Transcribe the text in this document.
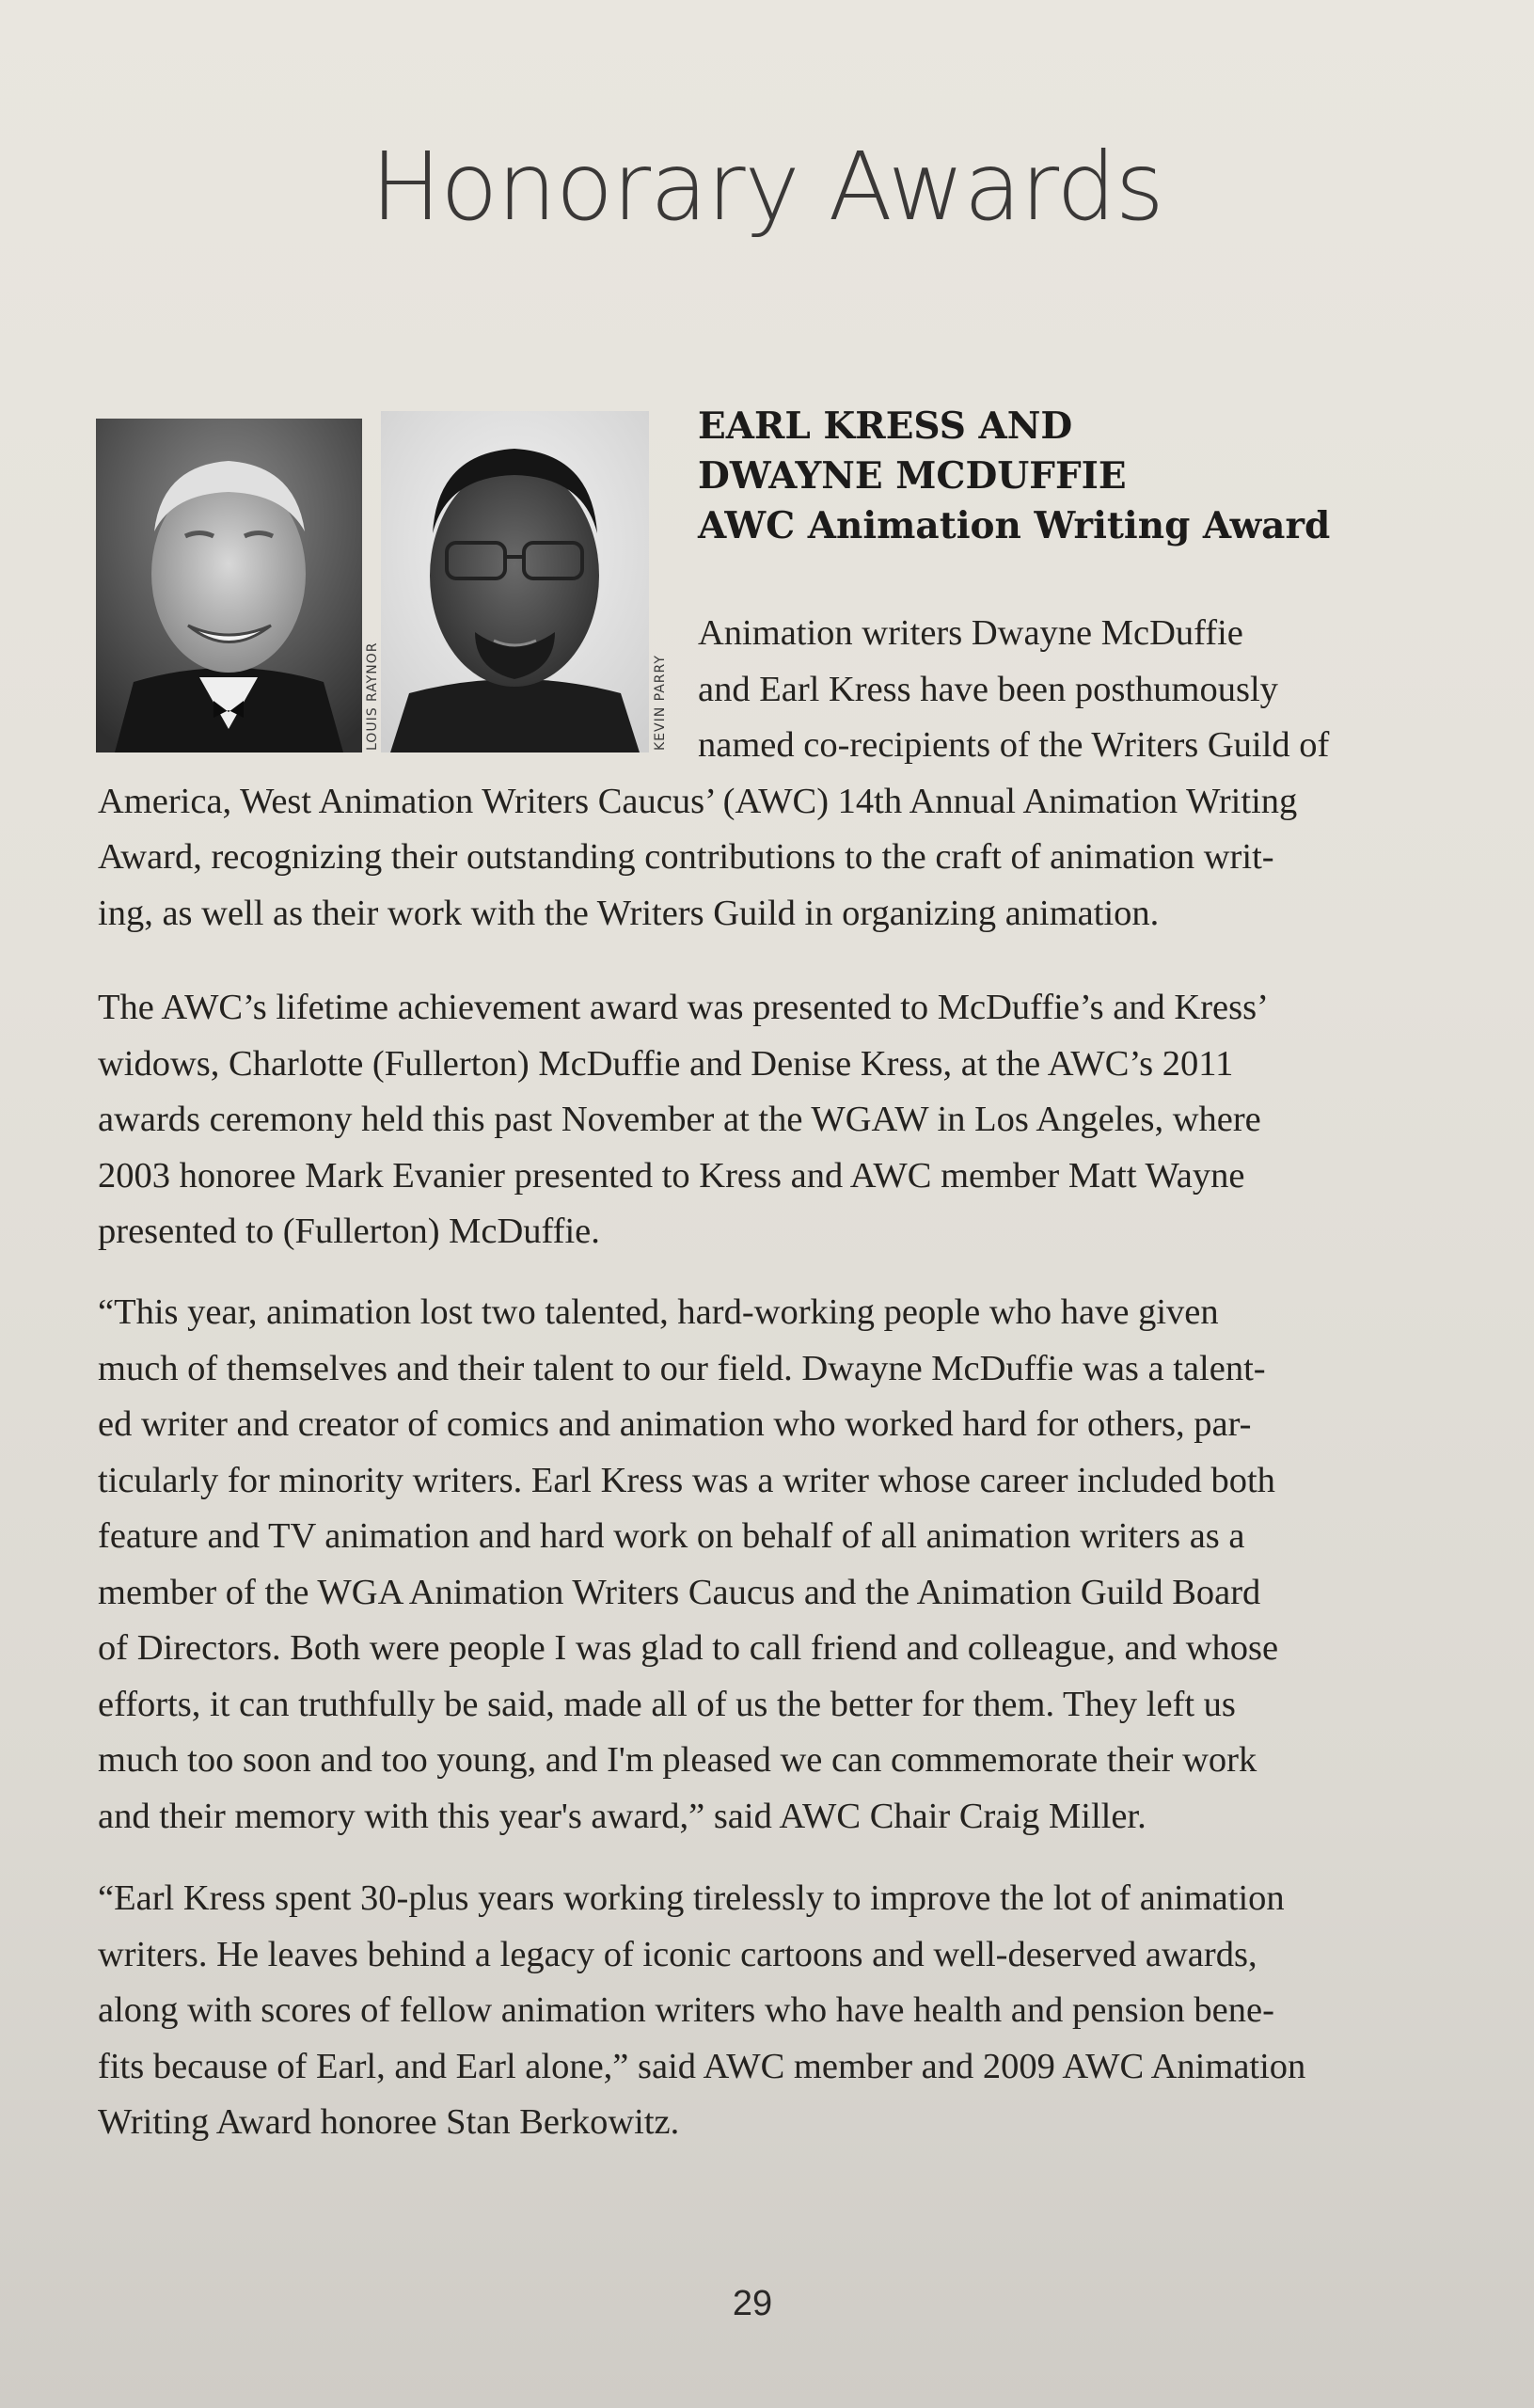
Honorary Awards
LOUIS RAYNOR	KEVIN PARRY
EARL KRESS AND
DWAYNE MCDUFFIE
AWC Animation Writing Award

Animation writers Dwayne McDuffie
and Earl Kress have been posthumously
named co-recipients of the Writers Guild of
America, West Animation Writers Caucus’ (AWC) 14th Annual Animation Writing
Award, recognizing their outstanding contributions to the craft of animation writ-
ing, as well as their work with the Writers Guild in organizing animation.

The AWC’s lifetime achievement award was presented to McDuffie’s and Kress’
widows, Charlotte (Fullerton) McDuffie and Denise Kress, at the AWC’s 2011
awards ceremony held this past November at the WGAW in Los Angeles, where
2003 honoree Mark Evanier presented to Kress and AWC member Matt Wayne
presented to (Fullerton) McDuffie.

“This year, animation lost two talented, hard-working people who have given
much of themselves and their talent to our field. Dwayne McDuffie was a talent-
ed writer and creator of comics and animation who worked hard for others, par-
ticularly for minority writers. Earl Kress was a writer whose career included both
feature and TV animation and hard work on behalf of all animation writers as a
member of the WGA Animation Writers Caucus and the Animation Guild Board
of Directors. Both were people I was glad to call friend and colleague, and whose
efforts, it can truthfully be said, made all of us the better for them. They left us
much too soon and too young, and I'm pleased we can commemorate their work
and their memory with this year's award,” said AWC Chair Craig Miller.

“Earl Kress spent 30-plus years working tirelessly to improve the lot of animation
writers. He leaves behind a legacy of iconic cartoons and well-deserved awards,
along with scores of fellow animation writers who have health and pension bene-
fits because of Earl, and Earl alone,” said AWC member and 2009 AWC Animation
Writing Award honoree Stan Berkowitz.

29
